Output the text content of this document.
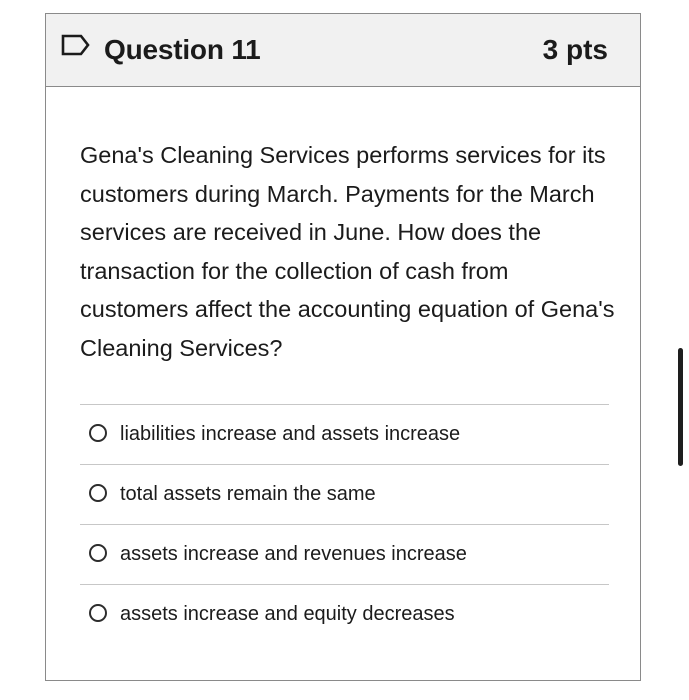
Question 11	3 pts
Gena's Cleaning Services performs services for its customers during March. Payments for the March services are received in June. How does the transaction for the collection of cash from customers affect the accounting equation of Gena's Cleaning Services?
liabilities increase and assets increase
total assets remain the same
assets increase and revenues increase
assets increase and equity decreases
